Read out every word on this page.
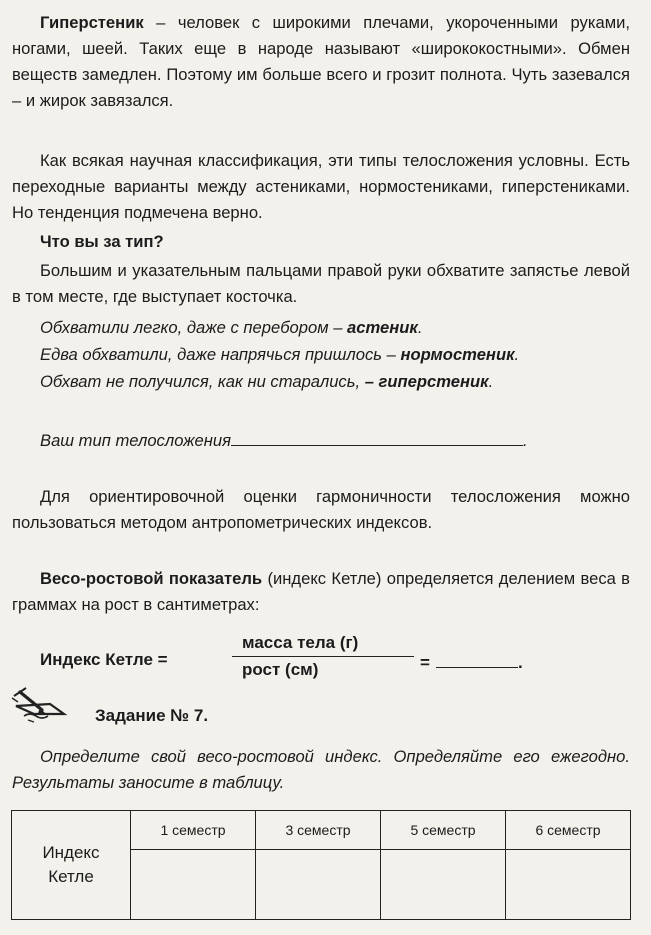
Гиперстеник – человек с широкими плечами, укороченными руками, ногами, шеей. Таких еще в народе называют «ширококостными». Обмен веществ замедлен. Поэтому им больше всего и грозит полнота. Чуть зазевался – и жирок завязался.

Как всякая научная классификация, эти типы телосложения условны. Есть переходные варианты между астениками, нормостениками, гиперстениками. Но тенденция подмечена верно.

Что вы за тип?

Большим и указательным пальцами правой руки обхватите запястье левой в том месте, где выступает косточка.

Обхватили легко, даже с перебором – астеник.
Едва обхватили, даже напрячься пришлось – нормостеник.
Обхват не получился, как ни старались, – гиперстеник.
Ваш тип телосложения	.

Для ориентировочной оценки гармоничности телосложения можно пользоваться методом антропометрических индексов.

Весо-ростовой показатель (индекс Кетле) определяется делением веса в граммах на рост в сантиметрах:

Индекс Кетле =
масса тела (г)
рост (см)	=	.
Задание № 7.

Определите свой весо-ростовой индекс. Определяйте его ежегодно. Результаты заносите в таблицу.

Индекс
Кетле	1 семестр	3 семестр	5 семестр	6 семестр
